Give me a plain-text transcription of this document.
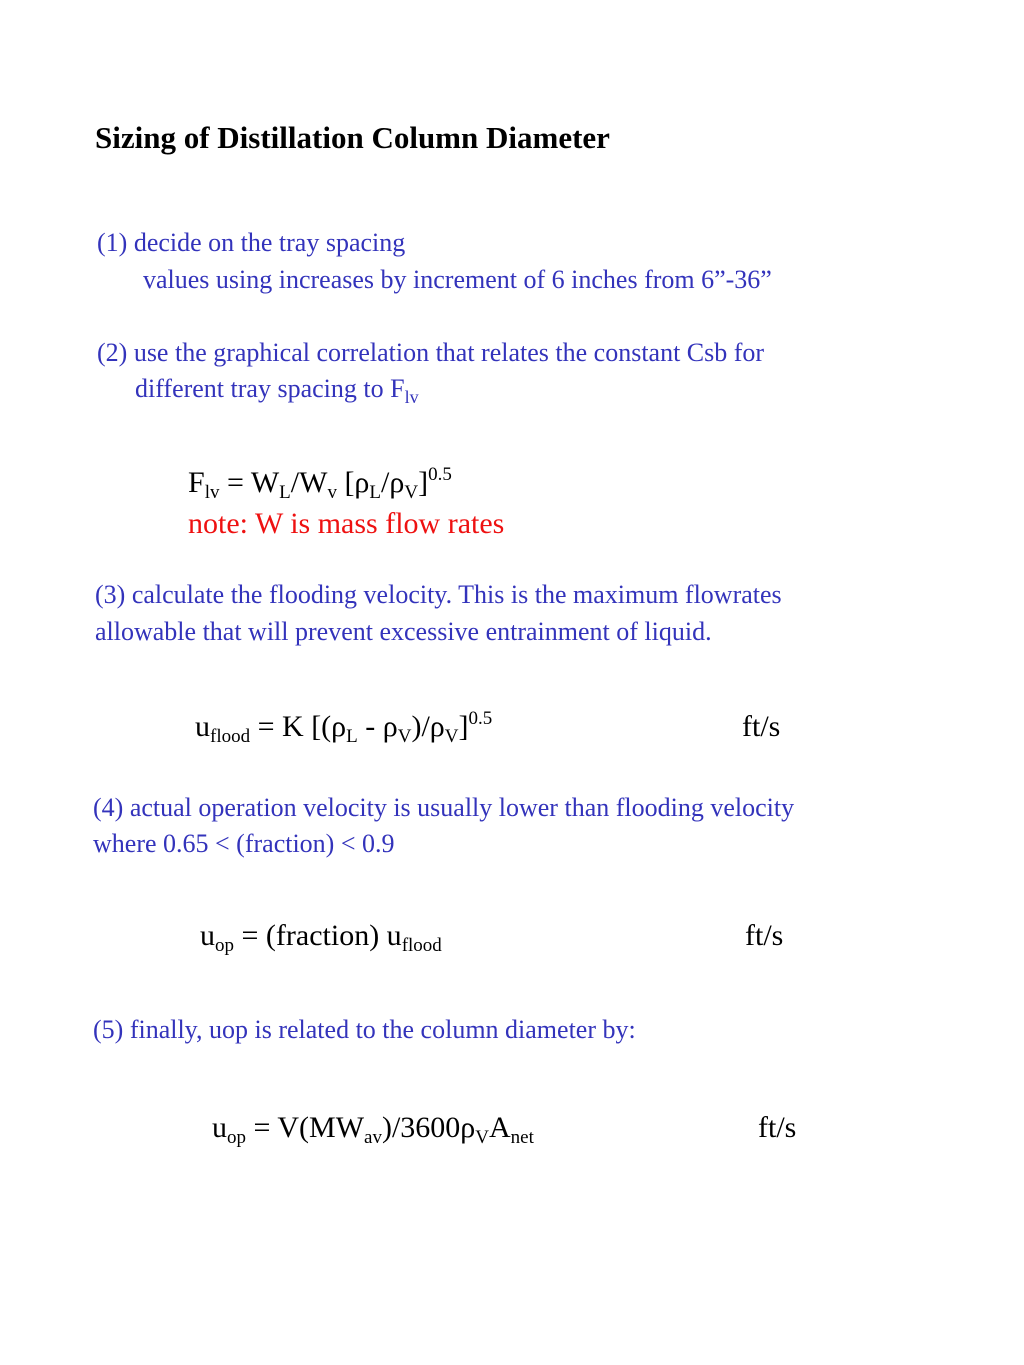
Sizing of Distillation Column Diameter
(1) decide on the tray spacing
values using increases by increment of 6 inches from 6”-36”
(2) use the graphical correlation that relates the constant Csb for
different tray spacing to $F_{lv}$
$F_{lv} = W_L/W_v$ $[\rho_L/\rho_V]^{0.5}$
note: W is mass flow rates
(3) calculate the flooding velocity. This is the maximum flowrates
allowable that will prevent excessive entrainment of liquid.
$u_{flood} = K$ $[(\rho_L - \rho_V)/\rho_V]^{0.5}$	ft/s
(4) actual operation velocity is usually lower than flooding velocity
where 0.65 < (fraction) < 0.9
$u_{op}$ = (fraction) $u_{flood}$	ft/s
(5) finally, uop is related to the column diameter by:
$u_{op} = V(MW_{av})/3600\rho_VA_{net}$	ft/s
